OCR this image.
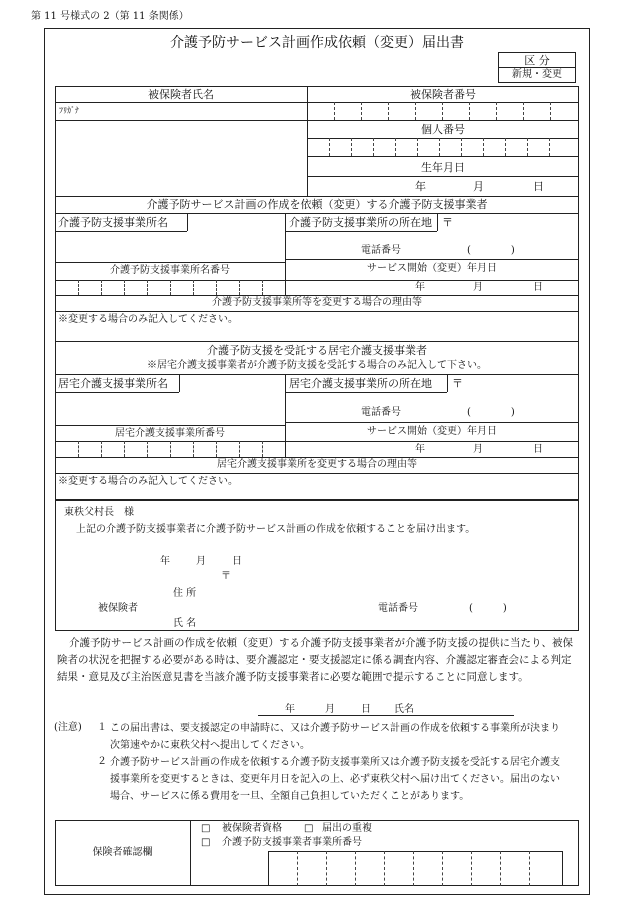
第 11 号様式の 2（第 11 条関係）
介護予防サービス計画作成依頼（変更）届出書
区 分
新規・変更
被保険者氏名	被保険者番号
ﾌﾘｶﾞﾅ
個人番号
生年月日
年	月	日
介護予防サービス計画の作成を依頼（変更）する介護予防支援事業者
介護予防支援事業所名	介護予防支援事業所の所在地 〒
電話番号	(　　　　)
サービス開始（変更）年月日
介護予防支援事業所名番号
年	月	日
介護予防支援事業所等を変更する場合の理由等
※変更する場合のみ記入してください。
介護予防支援を受託する居宅介護支援事業者
※居宅介護支援事業者が介護予防支援を受託する場合のみ記入して下さい。
居宅介護支援事業所名	居宅介護支援事業所の所在地 〒
電話番号	(　　　　)
サービス開始（変更）年月日
居宅介護支援事業所番号
年	月	日
居宅介護支援事業所を変更する場合の理由等
※変更する場合のみ記入してください。
東秩父村長　様
上記の介護予防支援事業者に介護予防サービス計画の作成を依頼することを届け出ます。
年	月	日
〒
住 所
被保険者	電話番号	(　　　)
氏 名
介護予防サービス計画の作成を依頼（変更）する介護予防支援事業者が介護予防支援の提供に当たり、被保険者の状況を把握する必要がある時は、要介護認定・要支援認定に係る調査内容、介護認定審査会による判定結果・意見及び主治医意見書を当該介護予防支援事業者に必要な範囲で提示することに同意します。
年	月	日 氏名
(注意) １ この届出書は、要支援認定の申請時に、又は介護予防サービス計画の作成を依頼する事業所が決まり次第速やかに東秩父村へ提出してください。
２ 介護予防サービス計画の作成を依頼する介護予防支援事業所又は介護予防支援を受託する居宅介護支援事業所を変更するときは、変更年月日を記入の上、必ず東秩父村へ届け出てください。届出のない場合、サービスに係る費用を一旦、全額自己負担していただくことがあります。
保険者確認欄
□ 被保険者資格 □ 届出の重複
□ 介護予防支援事業者事業所番号
